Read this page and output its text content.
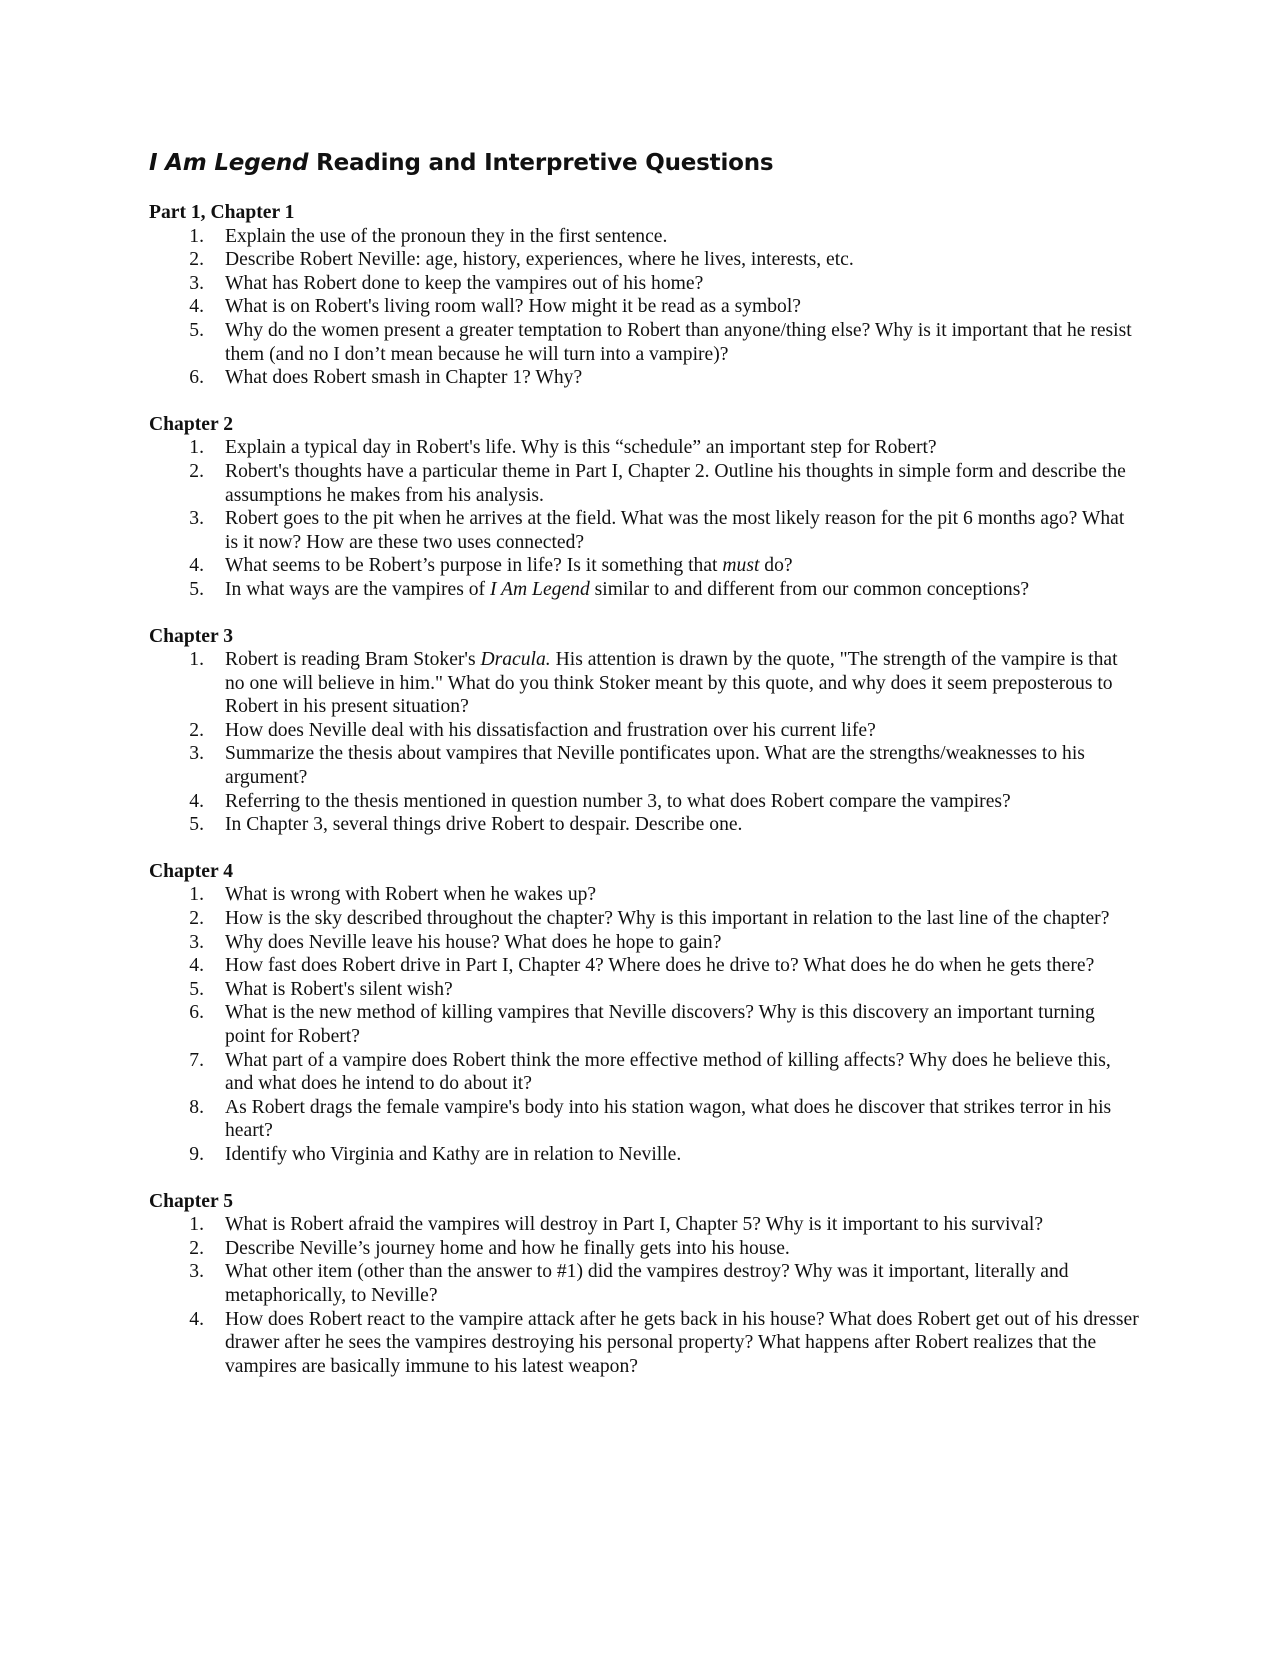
I Am Legend Reading and Interpretive Questions
Part 1, Chapter 1
1. Explain the use of the pronoun they in the first sentence.
2. Describe Robert Neville: age, history, experiences, where he lives, interests, etc.
3. What has Robert done to keep the vampires out of his home?
4. What is on Robert's living room wall? How might it be read as a symbol?
5. Why do the women present a greater temptation to Robert than anyone/thing else? Why is it important that he resist them (and no I don’t mean because he will turn into a vampire)?
6. What does Robert smash in Chapter 1? Why?
Chapter 2
1. Explain a typical day in Robert's life. Why is this “schedule” an important step for Robert?
2. Robert's thoughts have a particular theme in Part I, Chapter 2. Outline his thoughts in simple form and describe the assumptions he makes from his analysis.
3. Robert goes to the pit when he arrives at the field. What was the most likely reason for the pit 6 months ago? What is it now? How are these two uses connected?
4. What seems to be Robert’s purpose in life? Is it something that must do?
5. In what ways are the vampires of I Am Legend similar to and different from our common conceptions?
Chapter 3
1. Robert is reading Bram Stoker's Dracula. His attention is drawn by the quote, "The strength of the vampire is that no one will believe in him." What do you think Stoker meant by this quote, and why does it seem preposterous to Robert in his present situation?
2. How does Neville deal with his dissatisfaction and frustration over his current life?
3. Summarize the thesis about vampires that Neville pontificates upon. What are the strengths/weaknesses to his argument?
4. Referring to the thesis mentioned in question number 3, to what does Robert compare the vampires?
5. In Chapter 3, several things drive Robert to despair. Describe one.
Chapter 4
1. What is wrong with Robert when he wakes up?
2. How is the sky described throughout the chapter? Why is this important in relation to the last line of the chapter?
3. Why does Neville leave his house? What does he hope to gain?
4. How fast does Robert drive in Part I, Chapter 4? Where does he drive to? What does he do when he gets there?
5. What is Robert's silent wish?
6. What is the new method of killing vampires that Neville discovers? Why is this discovery an important turning point for Robert?
7. What part of a vampire does Robert think the more effective method of killing affects? Why does he believe this, and what does he intend to do about it?
8. As Robert drags the female vampire's body into his station wagon, what does he discover that strikes terror in his heart?
9. Identify who Virginia and Kathy are in relation to Neville.
Chapter 5
1. What is Robert afraid the vampires will destroy in Part I, Chapter 5? Why is it important to his survival?
2. Describe Neville’s journey home and how he finally gets into his house.
3. What other item (other than the answer to #1) did the vampires destroy? Why was it important, literally and metaphorically, to Neville?
4. How does Robert react to the vampire attack after he gets back in his house? What does Robert get out of his dresser drawer after he sees the vampires destroying his personal property? What happens after Robert realizes that the vampires are basically immune to his latest weapon?
